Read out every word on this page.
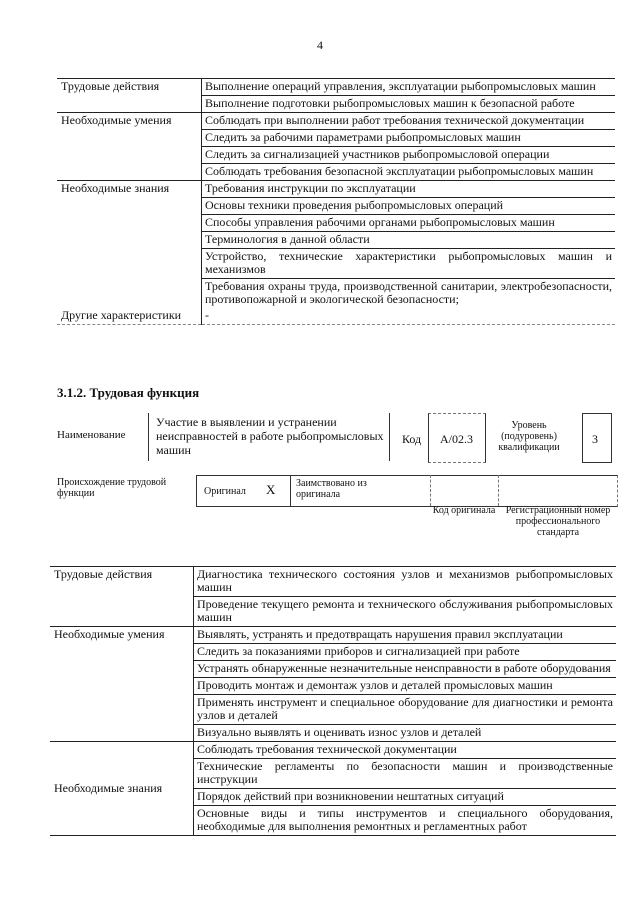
4
Трудовые действия	Выполнение операций управления, эксплуатации рыбопромысловых машин
	Выполнение подготовки рыбопромысловых машин к безопасной работе
Необходимые умения	Соблюдать при выполнении работ требования технической документации
	Следить за рабочими параметрами рыбопромысловых машин
	Следить за сигнализацией участников рыбопромысловой операции
	Соблюдать требования безопасной эксплуатации рыбопромысловых машин
Необходимые знания	Требования инструкции по эксплуатации
	Основы техники проведения рыбопромысловых операций
	Способы управления рабочими органами рыбопромысловых машин
	Терминология в данной области
	Устройство, технические характеристики рыбопромысловых машин и механизмов
	Требования охраны труда, производственной санитарии, электробезопасности, противопожарной и экологической безопасности;
Другие характеристики	-
3.1.2. Трудовая функция
Наименование
Участие в выявлении и устранении неисправностей в работе рыбопромысловых машин
Код A/02.3
Уровень (подуровень) квалификации
3
Происхождение трудовой функции	Оригинал X Заимствовано из оригинала
Код оригинала	Регистрационный номер профессионального стандарта
Трудовые действия	Диагностика технического состояния узлов и механизмов рыбопромысловых машин
	Проведение текущего ремонта и технического обслуживания рыбопромысловых машин
Необходимые умения	Выявлять, устранять и предотвращать нарушения правил эксплуатации
	Следить за показаниями приборов и сигнализацией при работе
	Устранять обнаруженные незначительные неисправности в работе оборудования
	Проводить монтаж и демонтаж узлов и деталей промысловых машин
	Применять инструмент и специальное оборудование для диагностики и ремонта узлов и деталей
	Визуально выявлять и оценивать износ узлов и деталей
Необходимые знания	Соблюдать требования технической документации
	Технические регламенты по безопасности машин и производственные инструкции
	Порядок действий при возникновении нештатных ситуаций
	Основные виды и типы инструментов и специального оборудования, необходимые для выполнения ремонтных и регламентных работ
